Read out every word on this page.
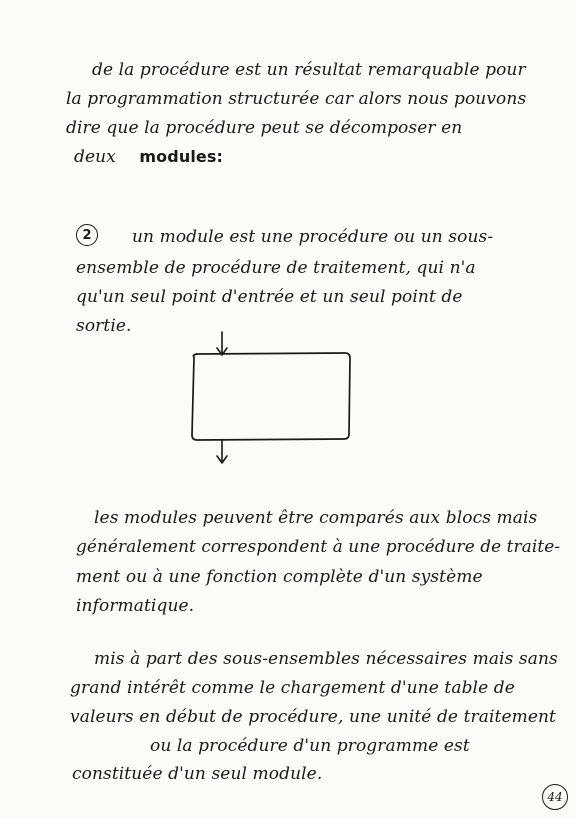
de la procédure est un résultat remarquable pour
la programmation structurée car alors nous pouvons
dire que la procédure peut se décomposer en
deux modules:
2 un module est une procédure ou un sous-
ensemble de procédure de traitement, qui n'a
qu'un seul point d'entrée et un seul point de
sortie.
les modules peuvent être comparés aux blocs mais
généralement correspondent à une procédure de traite-
ment ou à une fonction complète d'un système
informatique.
mis à part des sous-ensembles nécessaires mais sans
grand intérêt comme le chargement d'une table de
valeurs en début de procédure, une unité de traitement
ou la procédure d'un programme est
constituée d'un seul module.
44
